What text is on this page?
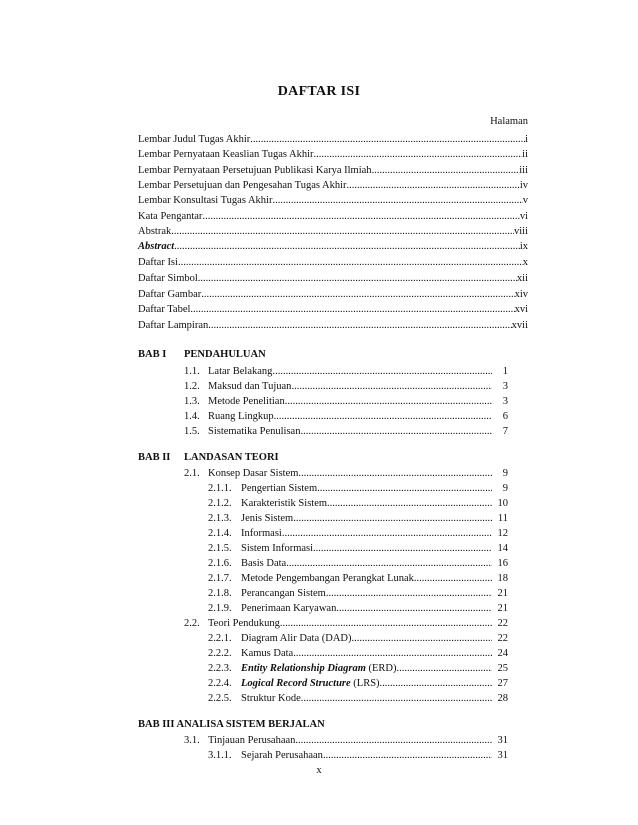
DAFTAR ISI
Halaman
Lembar Judul Tugas Akhir .....	i
Lembar Pernyataan Keaslian Tugas Akhir .....	ii
Lembar Pernyataan Persetujuan Publikasi Karya Ilmiah .....	iii
Lembar Persetujuan dan Pengesahan Tugas Akhir .....	iv
Lembar Konsultasi Tugas Akhir .....	v
Kata Pengantar .....	vi
Abstrak .....	viii
Abstract .....	ix
Daftar Isi .....	x
Daftar Simbol .....	xii
Daftar Gambar .....	xiv
Daftar Tabel .....	xvi
Daftar Lampiran .....	xvii
BAB I PENDAHULUAN
1.1. Latar Belakang .....	1
1.2. Maksud dan Tujuan .....	3
1.3. Metode Penelitian .....	3
1.4. Ruang Lingkup .....	6
1.5. Sistematika Penulisan .....	7
BAB II LANDASAN TEORI
2.1. Konsep Dasar Sistem .....	9
2.1.1. Pengertian Sistem .....	9
2.1.2. Karakteristik Sistem .....	10
2.1.3. Jenis Sistem .....	11
2.1.4. Informasi .....	12
2.1.5. Sistem Informasi .....	14
2.1.6. Basis Data .....	16
2.1.7. Metode Pengembangan Perangkat Lunak .....	18
2.1.8. Perancangan Sistem .....	21
2.1.9. Penerimaan Karyawan .....	21
2.2. Teori Pendukung .....	22
2.2.1. Diagram Alir Data (DAD) .....	22
2.2.2. Kamus Data .....	24
2.2.3. Entity Relationship Diagram (ERD) .....	25
2.2.4. Logical Record Structure (LRS) .....	27
2.2.5. Struktur Kode .....	28
BAB III ANALISA SISTEM BERJALAN
3.1. Tinjauan Perusahaan .....	31
3.1.1. Sejarah Perusahaan .....	31
x
